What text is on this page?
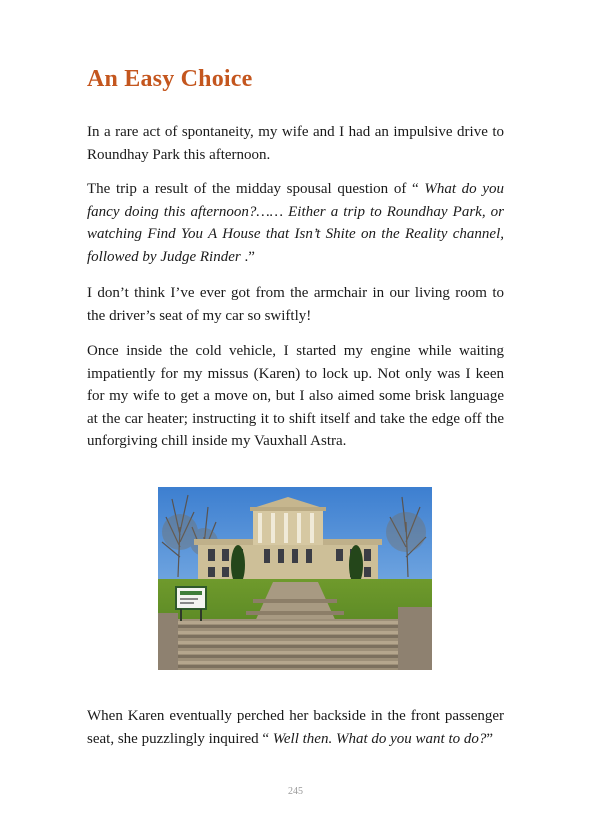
An Easy Choice

In a rare act of spontaneity, my wife and I had an impulsive drive to Roundhay Park this afternoon.

The trip a result of the midday spousal question of “ What do you fancy doing this afternoon?…… Either a trip to Roundhay Park, or watching Find You A House that Isn’t Shite on the Reality channel, followed by Judge Rinder .”

I don’t think I’ve ever got from the armchair in our living room to the driver’s seat of my car so swiftly!

Once inside the cold vehicle, I started my engine while waiting impatiently for my missus (Karen) to lock up. Not only was I keen for my wife to get a move on, but I also aimed some brisk language at the car heater; instructing it to shift itself and take the edge off the unforgiving chill inside my Vauxhall Astra.

When Karen eventually perched her backside in the front passenger seat, she puzzlingly inquired “ Well then. What do you want to do?”

245
